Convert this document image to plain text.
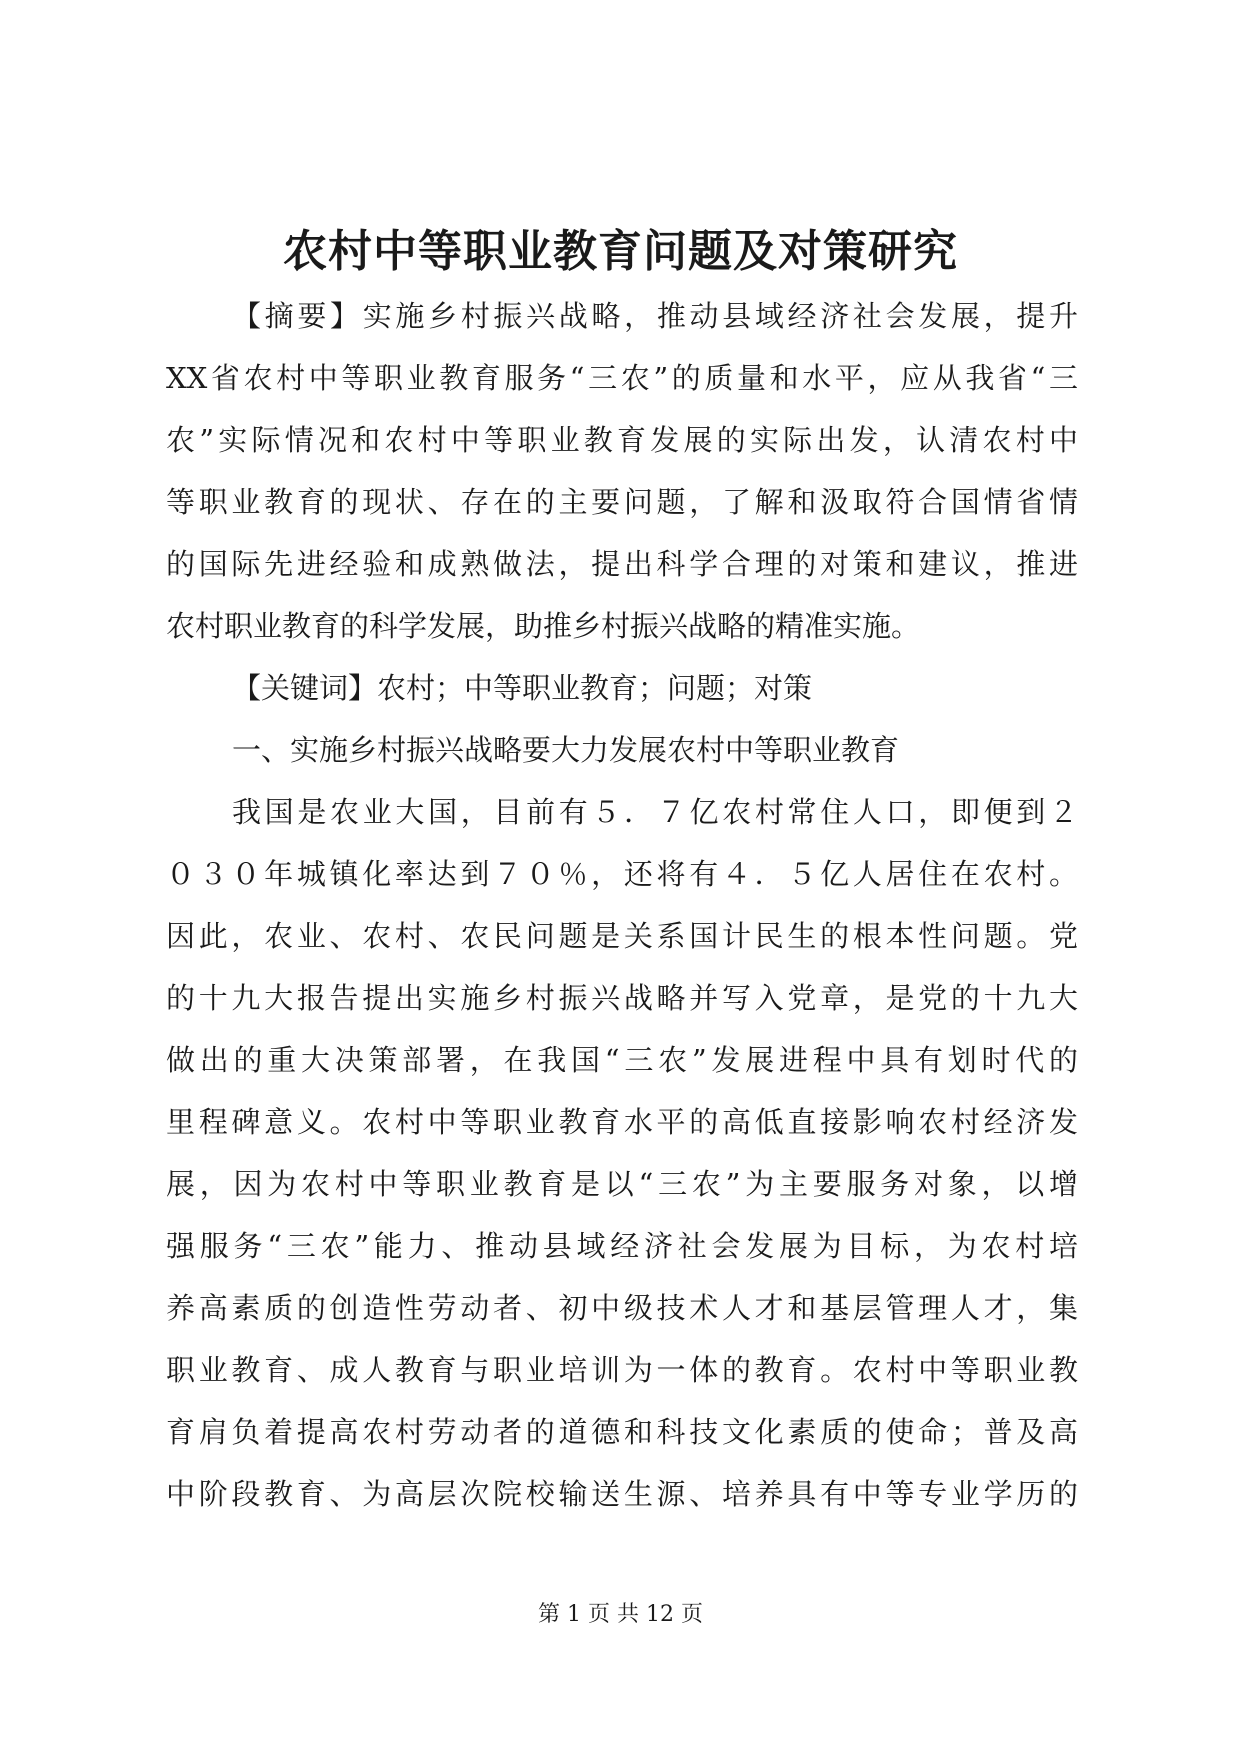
农村中等职业教育问题及对策研究
【摘要】实施乡村振兴战略，推动县域经济社会发展，提升
XX省农村中等职业教育服务“三农”的质量和水平，应从我省“三
农”实际情况和农村中等职业教育发展的实际出发，认清农村中
等职业教育的现状、存在的主要问题，了解和汲取符合国情省情
的国际先进经验和成熟做法，提出科学合理的对策和建议，推进
农村职业教育的科学发展，助推乡村振兴战略的精准实施。
【关键词】农村；中等职业教育；问题；对策
一、实施乡村振兴战略要大力发展农村中等职业教育
我国是农业大国，目前有５．７亿农村常住人口，即便到２
０３０年城镇化率达到７０％，还将有４．５亿人居住在农村。
因此，农业、农村、农民问题是关系国计民生的根本性问题。党
的十九大报告提出实施乡村振兴战略并写入党章，是党的十九大
做出的重大决策部署，在我国“三农”发展进程中具有划时代的
里程碑意义。农村中等职业教育水平的高低直接影响农村经济发
展，因为农村中等职业教育是以“三农”为主要服务对象，以增
强服务“三农”能力、推动县域经济社会发展为目标，为农村培
养高素质的创造性劳动者、初中级技术人才和基层管理人才，集
职业教育、成人教育与职业培训为一体的教育。农村中等职业教
育肩负着提高农村劳动者的道德和科技文化素质的使命；普及高
中阶段教育、为高层次院校输送生源、培养具有中等专业学历的
第 1 页 共 12 页
